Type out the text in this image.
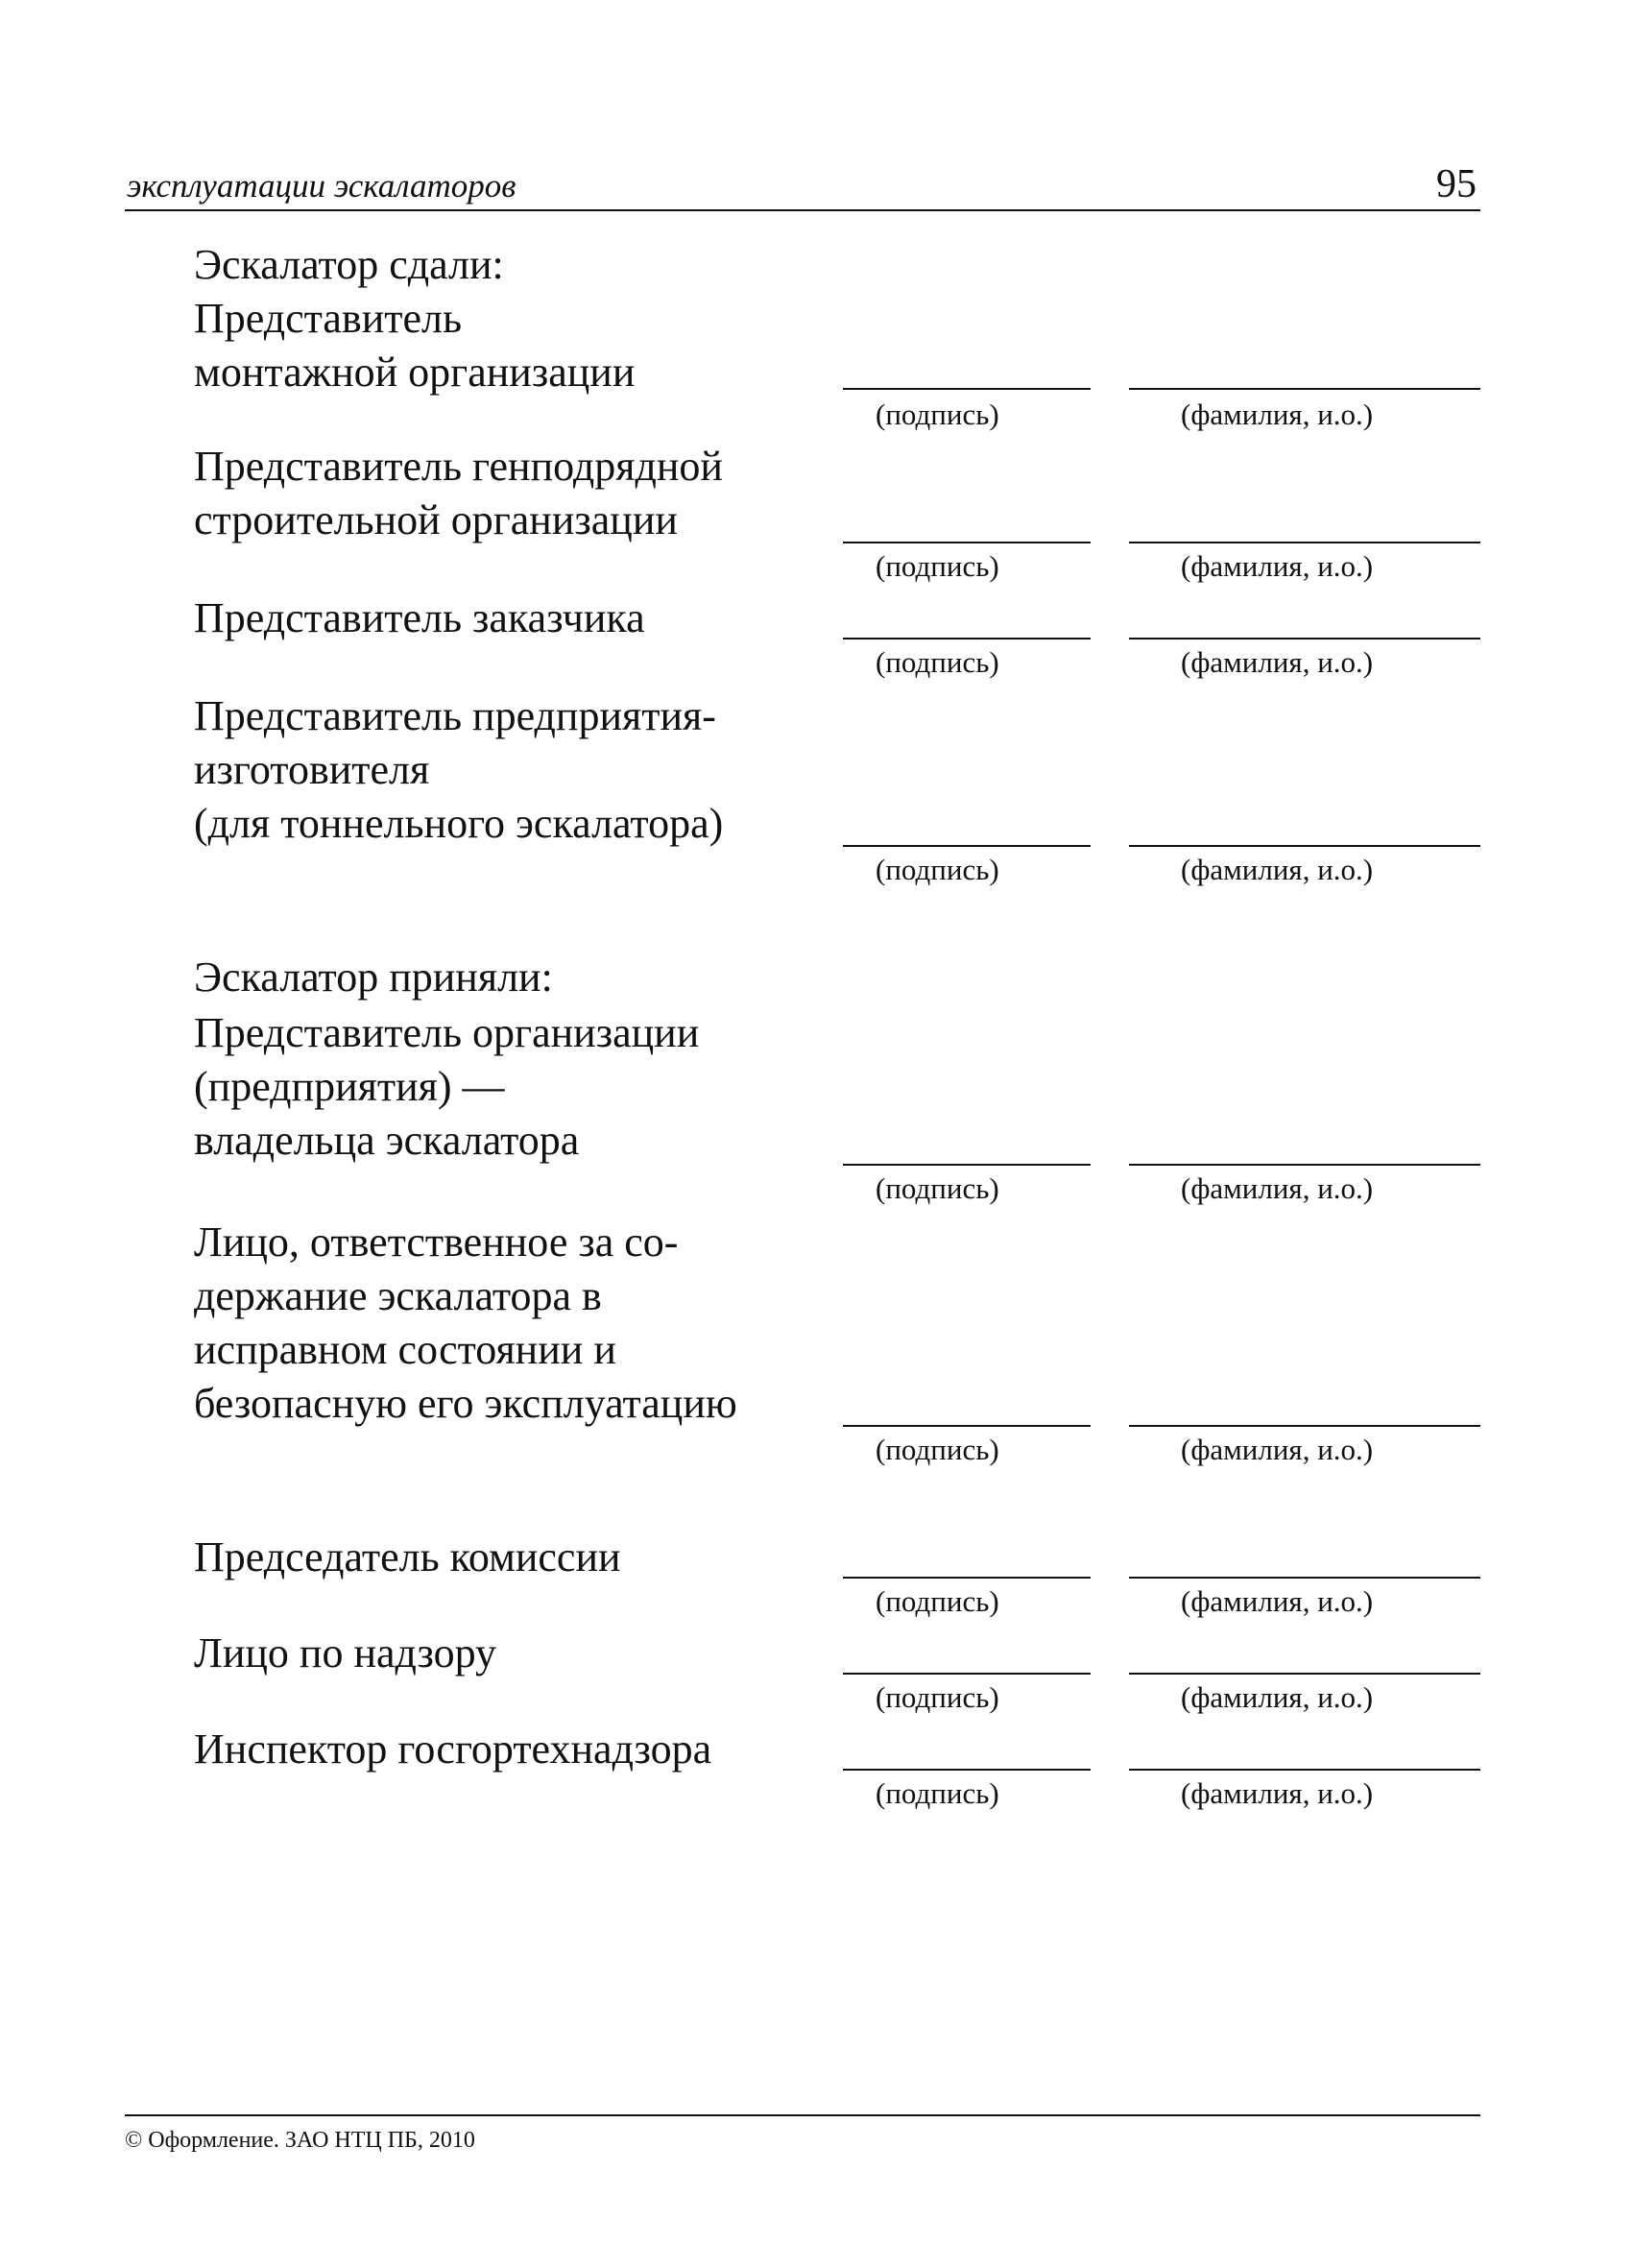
эксплуатации эскалаторов	95
Эскалатор сдали:
Представитель
монтажной организации
(подпись)	(фамилия, и.о.)
Представитель генподрядной
строительной организации
(подпись)	(фамилия, и.о.)
Представитель заказчика
(подпись)	(фамилия, и.о.)
Представитель предприятия-
изготовителя
(для тоннельного эскалатора)
(подпись)	(фамилия, и.о.)
Эскалатор приняли:
Представитель организации
(предприятия) —
владельца эскалатора
(подпись)	(фамилия, и.о.)
Лицо, ответственное за со-
держание эскалатора в
исправном состоянии и
безопасную его эксплуатацию
(подпись)	(фамилия, и.о.)
Председатель комиссии
(подпись)	(фамилия, и.о.)
Лицо по надзору
(подпись)	(фамилия, и.о.)
Инспектор госгортехнадзора
(подпись)	(фамилия, и.о.)
© Оформление. ЗАО НТЦ ПБ, 2010
